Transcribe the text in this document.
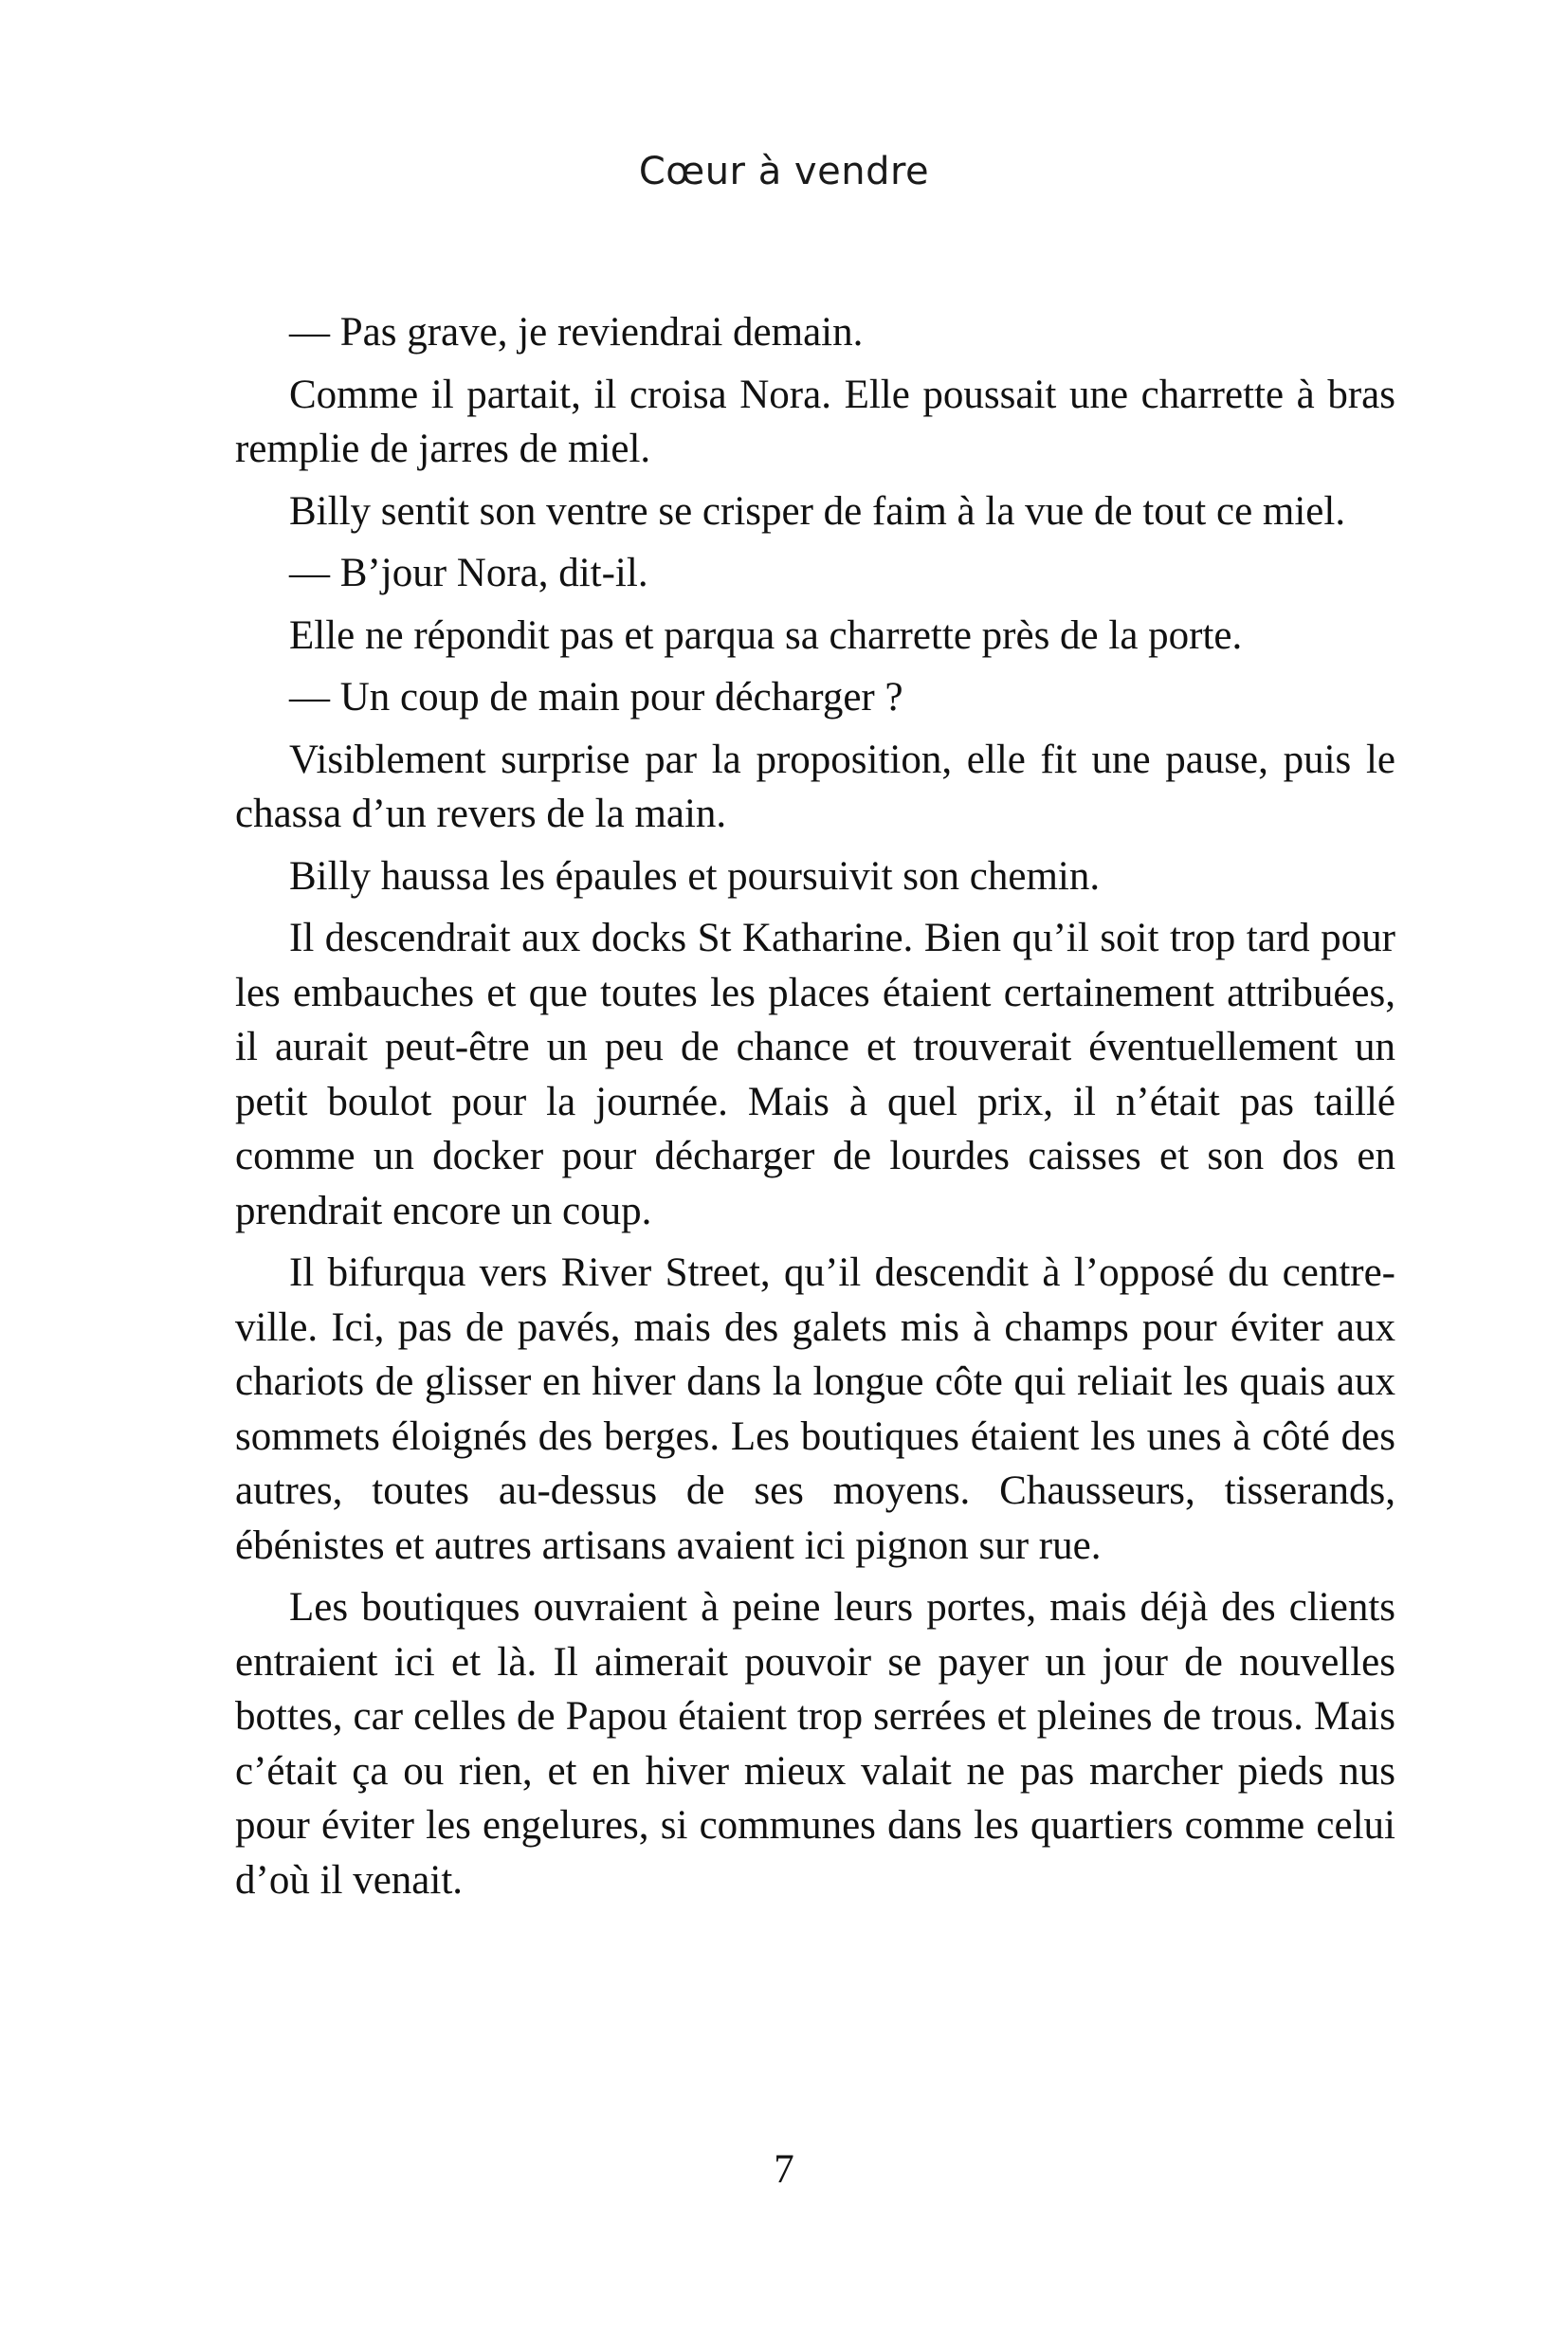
Cœur à vendre

— Pas grave, je reviendrai demain.

Comme il partait, il croisa Nora. Elle poussait une charrette à bras remplie de jarres de miel.

Billy sentit son ventre se crisper de faim à la vue de tout ce miel.

— B’jour Nora, dit-il.

Elle ne répondit pas et parqua sa charrette près de la porte.

— Un coup de main pour décharger ?

Visiblement surprise par la proposition, elle fit une pause, puis le chassa d’un revers de la main.

Billy haussa les épaules et poursuivit son chemin.

Il descendrait aux docks St Katharine. Bien qu’il soit trop tard pour les embauches et que toutes les places étaient certainement attribuées, il aurait peut-être un peu de chance et trouverait éventuellement un petit boulot pour la journée. Mais à quel prix, il n’était pas taillé comme un docker pour décharger de lourdes caisses et son dos en prendrait encore un coup.

Il bifurqua vers River Street, qu’il descendit à l’opposé du centre-ville. Ici, pas de pavés, mais des galets mis à champs pour éviter aux chariots de glisser en hiver dans la longue côte qui reliait les quais aux sommets éloignés des berges. Les boutiques étaient les unes à côté des autres, toutes au-dessus de ses moyens. Chausseurs, tisserands, ébénistes et autres artisans avaient ici pignon sur rue.

Les boutiques ouvraient à peine leurs portes, mais déjà des clients entraient ici et là. Il aimerait pouvoir se payer un jour de nouvelles bottes, car celles de Papou étaient trop serrées et pleines de trous. Mais c’était ça ou rien, et en hiver mieux valait ne pas marcher pieds nus pour éviter les engelures, si communes dans les quartiers comme celui d’où il venait.

7
